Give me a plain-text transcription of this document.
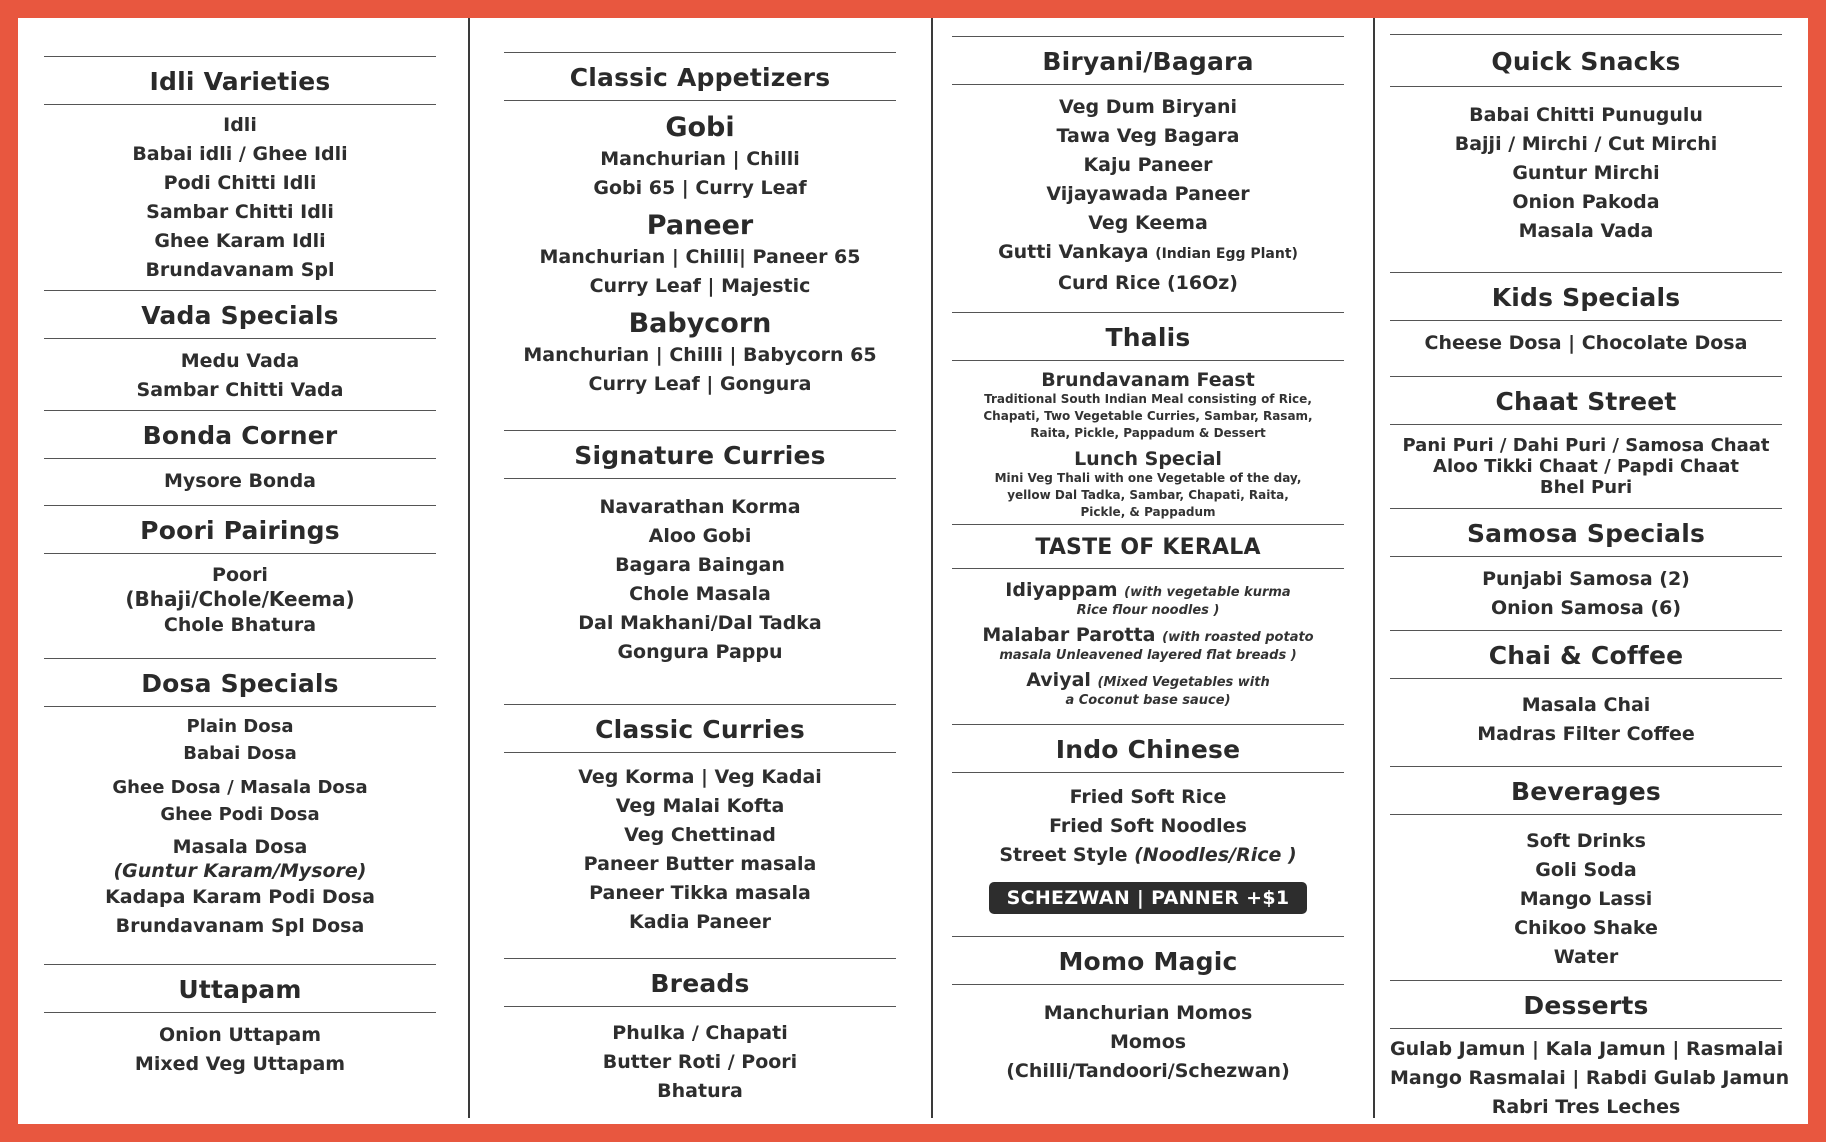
Idli Varieties
Idli
Babai idli / Ghee Idli
Podi Chitti Idli
Sambar Chitti Idli
Ghee Karam Idli
Brundavanam Spl
Vada Specials
Medu Vada
Sambar Chitti Vada
Bonda Corner
Mysore Bonda
Poori Pairings
Poori
(Bhaji/Chole/Keema)
Chole Bhatura
Dosa Specials
Plain Dosa
Babai Dosa
Ghee Dosa / Masala Dosa
Ghee Podi Dosa
Masala Dosa
(Guntur Karam/Mysore)
Kadapa Karam Podi Dosa
Brundavanam Spl Dosa
Uttapam
Onion Uttapam
Mixed Veg Uttapam
Classic Appetizers
Gobi
Manchurian | Chilli
Gobi 65 | Curry Leaf
Paneer
Manchurian | Chilli| Paneer 65
Curry Leaf | Majestic
Babycorn
Manchurian | Chilli | Babycorn 65
Curry Leaf | Gongura
Signature Curries
Navarathan Korma
Aloo Gobi
Bagara Baingan
Chole Masala
Dal Makhani/Dal Tadka
Gongura Pappu
Classic Curries
Veg Korma | Veg Kadai
Veg Malai Kofta
Veg Chettinad
Paneer Butter masala
Paneer Tikka masala
Kadia Paneer
Breads
Phulka / Chapati
Butter Roti / Poori
Bhatura
Biryani/Bagara
Veg Dum Biryani
Tawa Veg Bagara
Kaju Paneer
Vijayawada Paneer
Veg Keema
Gutti Vankaya (Indian Egg Plant)
Curd Rice (16Oz)
Thalis
Brundavanam Feast
Traditional South Indian Meal consisting of Rice,
Chapati, Two Vegetable Curries, Sambar, Rasam,
Raita, Pickle, Pappadum & Dessert
Lunch Special
Mini Veg Thali with one Vegetable of the day,
yellow Dal Tadka, Sambar, Chapati, Raita,
Pickle, & Pappadum
TASTE OF KERALA
Idiyappam (with vegetable kurma
Rice flour noodles )
Malabar Parotta (with roasted potato
masala Unleavened layered flat breads )
Aviyal (Mixed Vegetables with
a Coconut base sauce)
Indo Chinese
Fried Soft Rice
Fried Soft Noodles
Street Style (Noodles/Rice )
SCHEZWAN | PANNER +$1
Momo Magic
Manchurian Momos
Momos
(Chilli/Tandoori/Schezwan)
Quick Snacks
Babai Chitti Punugulu
Bajji / Mirchi / Cut Mirchi
Guntur Mirchi
Onion Pakoda
Masala Vada
Kids Specials
Cheese Dosa | Chocolate Dosa
Chaat Street
Pani Puri / Dahi Puri / Samosa Chaat
Aloo Tikki Chaat / Papdi Chaat
Bhel Puri
Samosa Specials
Punjabi Samosa (2)
Onion Samosa (6)
Chai & Coffee
Masala Chai
Madras Filter Coffee
Beverages
Soft Drinks
Goli Soda
Mango Lassi
Chikoo Shake
Water
Desserts
Gulab Jamun | Kala Jamun | Rasmalai
Mango Rasmalai | Rabdi Gulab Jamun
Rabri Tres Leches
